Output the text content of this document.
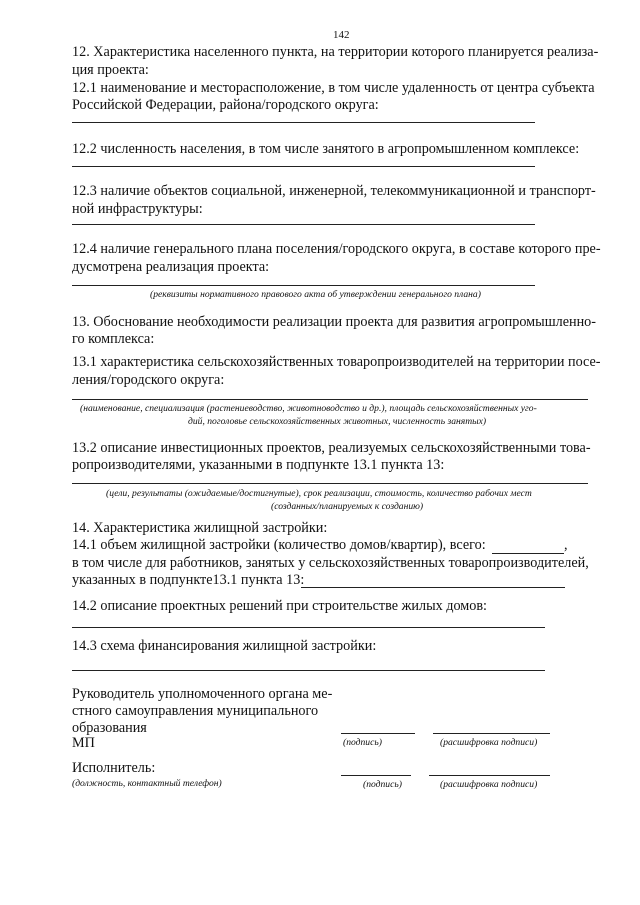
142
12. Характеристика населенного пункта, на территории которого планируется реализа-
ция проекта:
12.1 наименование и месторасположение, в том числе удаленность от центра субъекта
Российской Федерации, района/городского округа:
12.2 численность населения, в том числе занятого в агропромышленном комплексе:
12.3 наличие объектов социальной, инженерной, телекоммуникационной и транспорт-
ной инфраструктуры:
12.4 наличие генерального плана поселения/городского округа, в составе которого пре-
дусмотрена реализация проекта:
(реквизиты нормативного правового акта об утверждении генерального плана)
13. Обоснование необходимости реализации проекта для развития агропромышленно-
го комплекса:
13.1 характеристика сельскохозяйственных товаропроизводителей на территории посе-
ления/городского округа:
(наименование, специализация (растениеводство, животноводство и др.), площадь сельскохозяйственных уго-
дий, поголовье сельскохозяйственных животных, численность занятых)
13.2 описание инвестиционных проектов, реализуемых сельскохозяйственными това-
ропроизводителями, указанными в подпункте 13.1 пункта 13:
(цели, результаты (ожидаемые/достигнутые), срок реализации, стоимость, количество рабочих мест
(созданных/планируемых к созданию)
14. Характеристика жилищной застройки:
14.1 объем жилищной застройки (количество домов/квартир), всего:	,
в том числе для работников, занятых у сельскохозяйственных товаропроизводителей,
указанных в подпункте13.1 пункта 13:
14.2 описание проектных решений при строительстве жилых домов:
14.3 схема финансирования жилищной застройки:
Руководитель уполномоченного органа ме-
стного самоуправления муниципального
образования
МП	(подпись)	(расшифровка подписи)
Исполнитель:
(должность, контактный телефон)	(подпись)	(расшифровка подписи)
